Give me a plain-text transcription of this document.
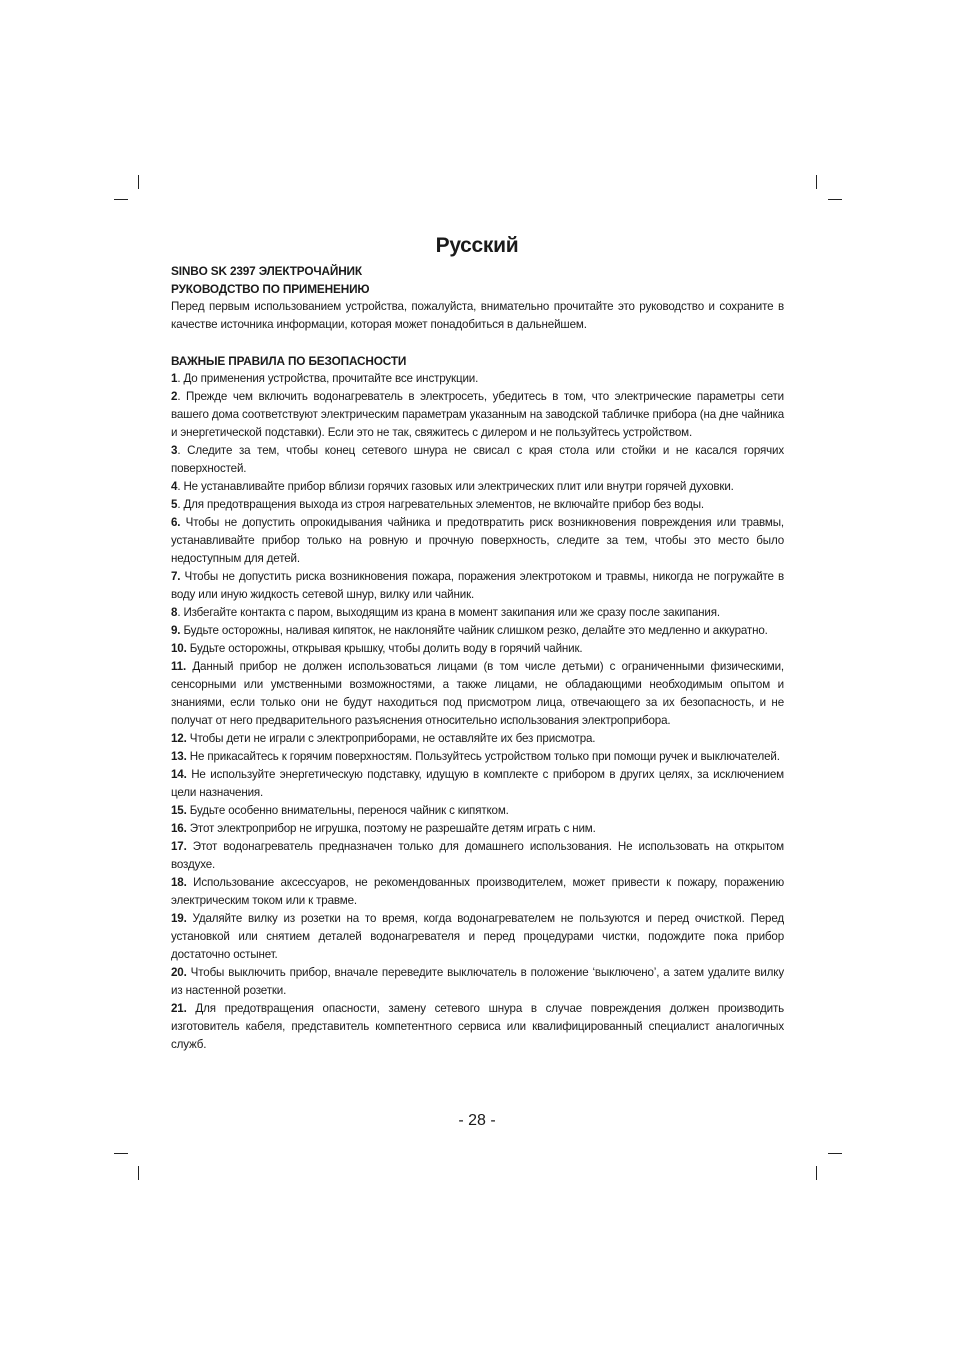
Русский

SINBO SK 2397 ЭЛЕКТРОЧАЙНИК

РУКОВОДСТВО ПО ПРИМЕНЕНИЮ

Перед первым использованием устройства, пожалуйста, внимательно прочитайте это руководство и сохраните в качестве источника информации, которая может понадобиться в дальнейшем.

ВАЖНЫЕ ПРАВИЛА ПО БЕЗОПАСНОСТИ

1. До применения устройства, прочитайте все инструкции.

2. Прежде чем включить водонагреватель в электросеть, убедитесь в том, что электрические параметры сети вашего дома соответствуют электрическим параметрам указанным на заводской табличке прибора (на дне чайника и энергетической подставки). Если это не так, свяжитесь с дилером и не пользуйтесь устройством.

3. Следите за тем, чтобы конец сетевого шнура не свисал с края стола или стойки и не касался горячих поверхностей.

4. Не устанавливайте прибор вблизи горячих газовых или электрических плит или внутри горячей духовки.

5. Для предотвращения выхода из строя нагревательных элементов, не включайте прибор без воды.

6. Чтобы не допустить опрокидывания чайника и предотвратить риск возникновения повреждения или травмы, устанавливайте прибор только на ровную и прочную поверхность, следите за тем, чтобы это место было недоступным для детей.

7. Чтобы не допустить риска возникновения пожара, поражения электротоком и травмы, никогда не погружайте в воду или иную жидкость сетевой шнур, вилку или чайник.

8. Избегайте контакта с паром, выходящим из крана в момент закипания или же сразу после закипания.

9. Будьте осторожны, наливая кипяток, не наклоняйте чайник слишком резко, делайте это медленно и аккуратно.

10. Будьте осторожны, открывая крышку, чтобы долить воду в горячий чайник.

11. Данный прибор не должен использоваться лицами (в том числе детьми) с ограниченными физическими, сенсорными или умственными возможностями, а также лицами, не обладающими необходимым опытом и знаниями, если только они не будут находиться под присмотром лица, отвечающего за их безопасность, и не получат от него предварительного разъяснения относительно использования электроприбора.

12. Чтобы дети не играли с электроприборами, не оставляйте их без присмотра.

13. Не прикасайтесь к горячим поверхностям. Пользуйтесь устройством только при помощи ручек и выключателей.

14. Не используйте энергетическую подставку, идущую в комплекте с прибором в других целях, за исключением цели назначения.

15. Будьте особенно внимательны, перенося чайник с кипятком.

16. Этот электроприбор не игрушка, поэтому не разрешайте детям играть с ним.

17. Этот водонагреватель предназначен только для домашнего использования. Не использовать на открытом воздухе.

18. Использование аксессуаров, не рекомендованных производителем, может привести к пожару, поражению электрическим током или к травме.

19. Удаляйте вилку из розетки на то время, когда водонагревателем не пользуются и перед очисткой. Перед установкой или снятием деталей водонагревателя и перед процедурами чистки, подождите пока прибор достаточно остынет.

20. Чтобы выключить прибор, вначале переведите выключатель в положение ‘выключено’, а затем удалите вилку из настенной розетки.

21. Для предотвращения опасности, замену сетевого шнура в случае повреждения должен производить изготовитель кабеля, представитель компетентного сервиса или квалифицированный специалист аналогичных служб.

- 28 -
